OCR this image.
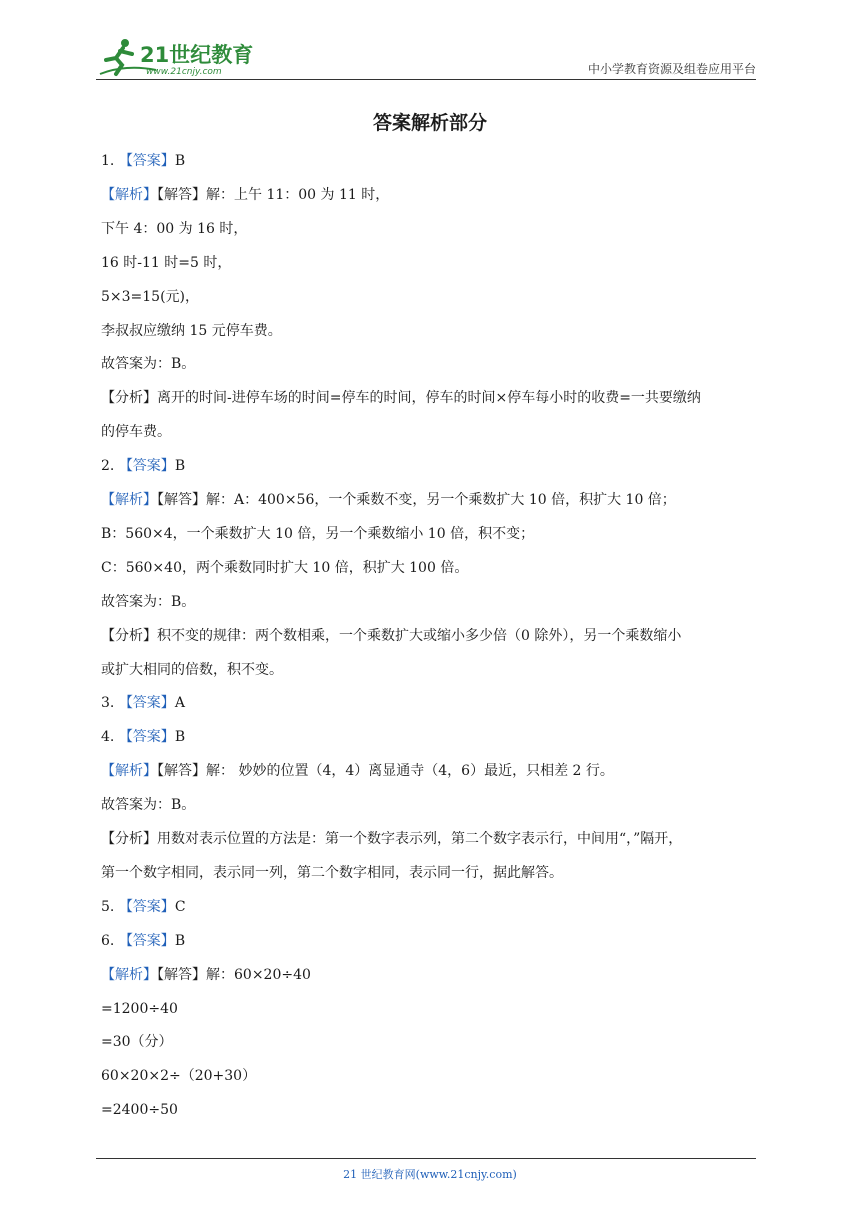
21世纪教育
www.21cnjy.com	中小学教育资源及组卷应用平台
答案解析部分
1. 【答案】B
【解析】【解答】解：上午 11：00 为 11 时，
下午 4：00 为 16 时，
16 时-11 时=5 时，
5×3=15(元)，
李叔叔应缴纳 15 元停车费。
故答案为：B。
【分析】离开的时间-进停车场的时间=停车的时间，停车的时间×停车每小时的收费=一共要缴纳
的停车费。
2. 【答案】B
【解析】【解答】解：A：400×56，一个乘数不变，另一个乘数扩大 10 倍，积扩大 10 倍；
B：560×4，一个乘数扩大 10 倍，另一个乘数缩小 10 倍，积不变；
C：560×40，两个乘数同时扩大 10 倍，积扩大 100 倍。
故答案为：B。
【分析】积不变的规律：两个数相乘，一个乘数扩大或缩小多少倍（0 除外），另一个乘数缩小
或扩大相同的倍数，积不变。
3. 【答案】A
4. 【答案】B
【解析】【解答】解： 妙妙的位置（4，4）离显通寺（4，6）最近，只相差 2 行。
故答案为：B。
【分析】用数对表示位置的方法是：第一个数字表示列，第二个数字表示行，中间用“，”隔开，
第一个数字相同，表示同一列，第二个数字相同，表示同一行，据此解答。
5. 【答案】C
6. 【答案】B
【解析】【解答】解：60×20÷40
=1200÷40
=30（分）
60×20×2÷（20+30）
=2400÷50
21 世纪教育网(www.21cnjy.com)
